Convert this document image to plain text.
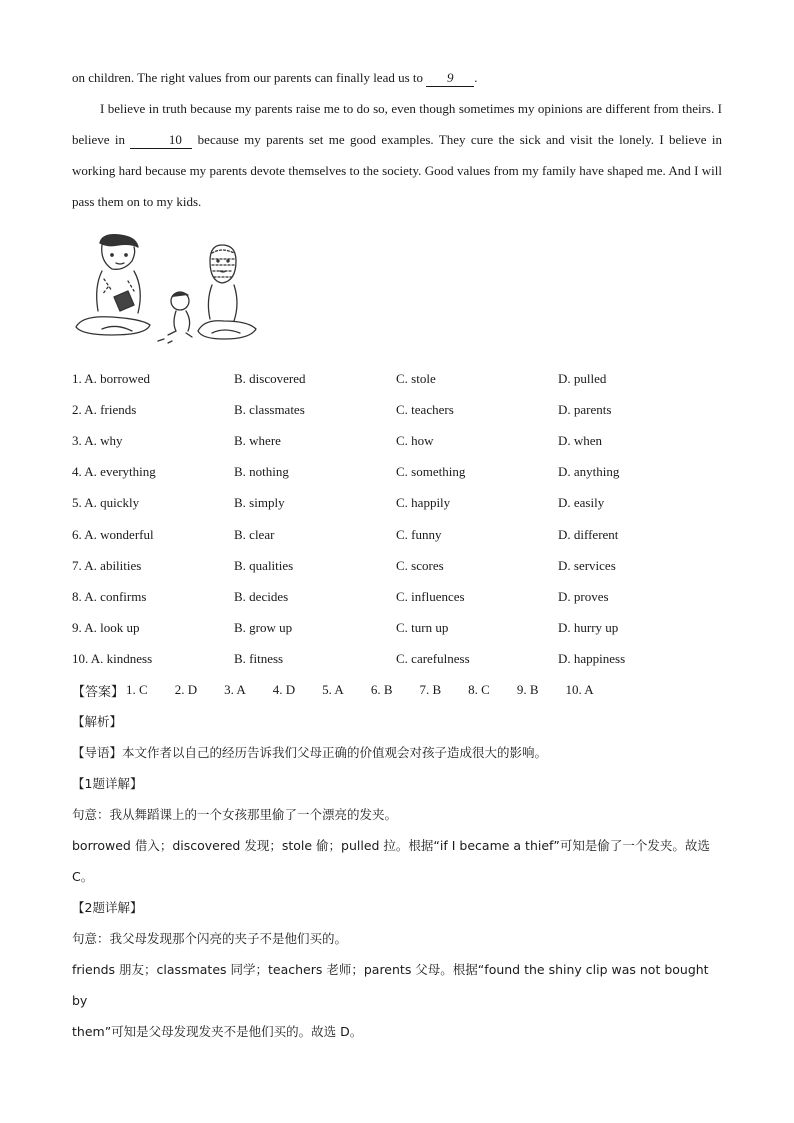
on children. The right values from our parents can finally lead us to 9 .

I believe in truth because my parents raise me to do so, even though sometimes my opinions are different from theirs. I believe in	10 because my parents set me good examples. They cure the sick and visit the lonely. I believe in working hard because my parents devote themselves to the society. Good values from my family have shaped me. And I will pass them on to my kids.

1. A. borrowed	B. discovered	C. stole	D. pulled
2. A. friends	B. classmates	C. teachers	D. parents
3. A. why	B. where	C. how	D. when
4. A. everything	B. nothing	C. something	D. anything
5. A. quickly	B. simply	C. happily	D. easily
6. A. wonderful	B. clear	C. funny	D. different
7. A. abilities	B. qualities	C. scores	D. services
8. A. confirms	B. decides	C. influences	D. proves
9. A. look up	B. grow up	C. turn up	D. hurry up
10. A. kindness	B. fitness	C. carefulness	D. happiness
【答案】 1. C 2. D 3. A 4. D 5. A 6. B 7. B 8. C 9. B 10. A

【解析】

【导语】本文作者以自己的经历告诉我们父母正确的价值观会对孩子造成很大的影响。

【1题详解】

句意：我从舞蹈课上的一个女孩那里偷了一个漂亮的发夹。

borrowed 借入；discovered 发现；stole 偷；pulled 拉。根据“if I became a thief”可知是偷了一个发夹。故选

C。

【2题详解】

句意：我父母发现那个闪亮的夹子不是他们买的。

friends 朋友；classmates 同学；teachers 老师；parents 父母。根据“found the shiny clip was not bought by

them”可知是父母发现发夹不是他们买的。故选 D。
